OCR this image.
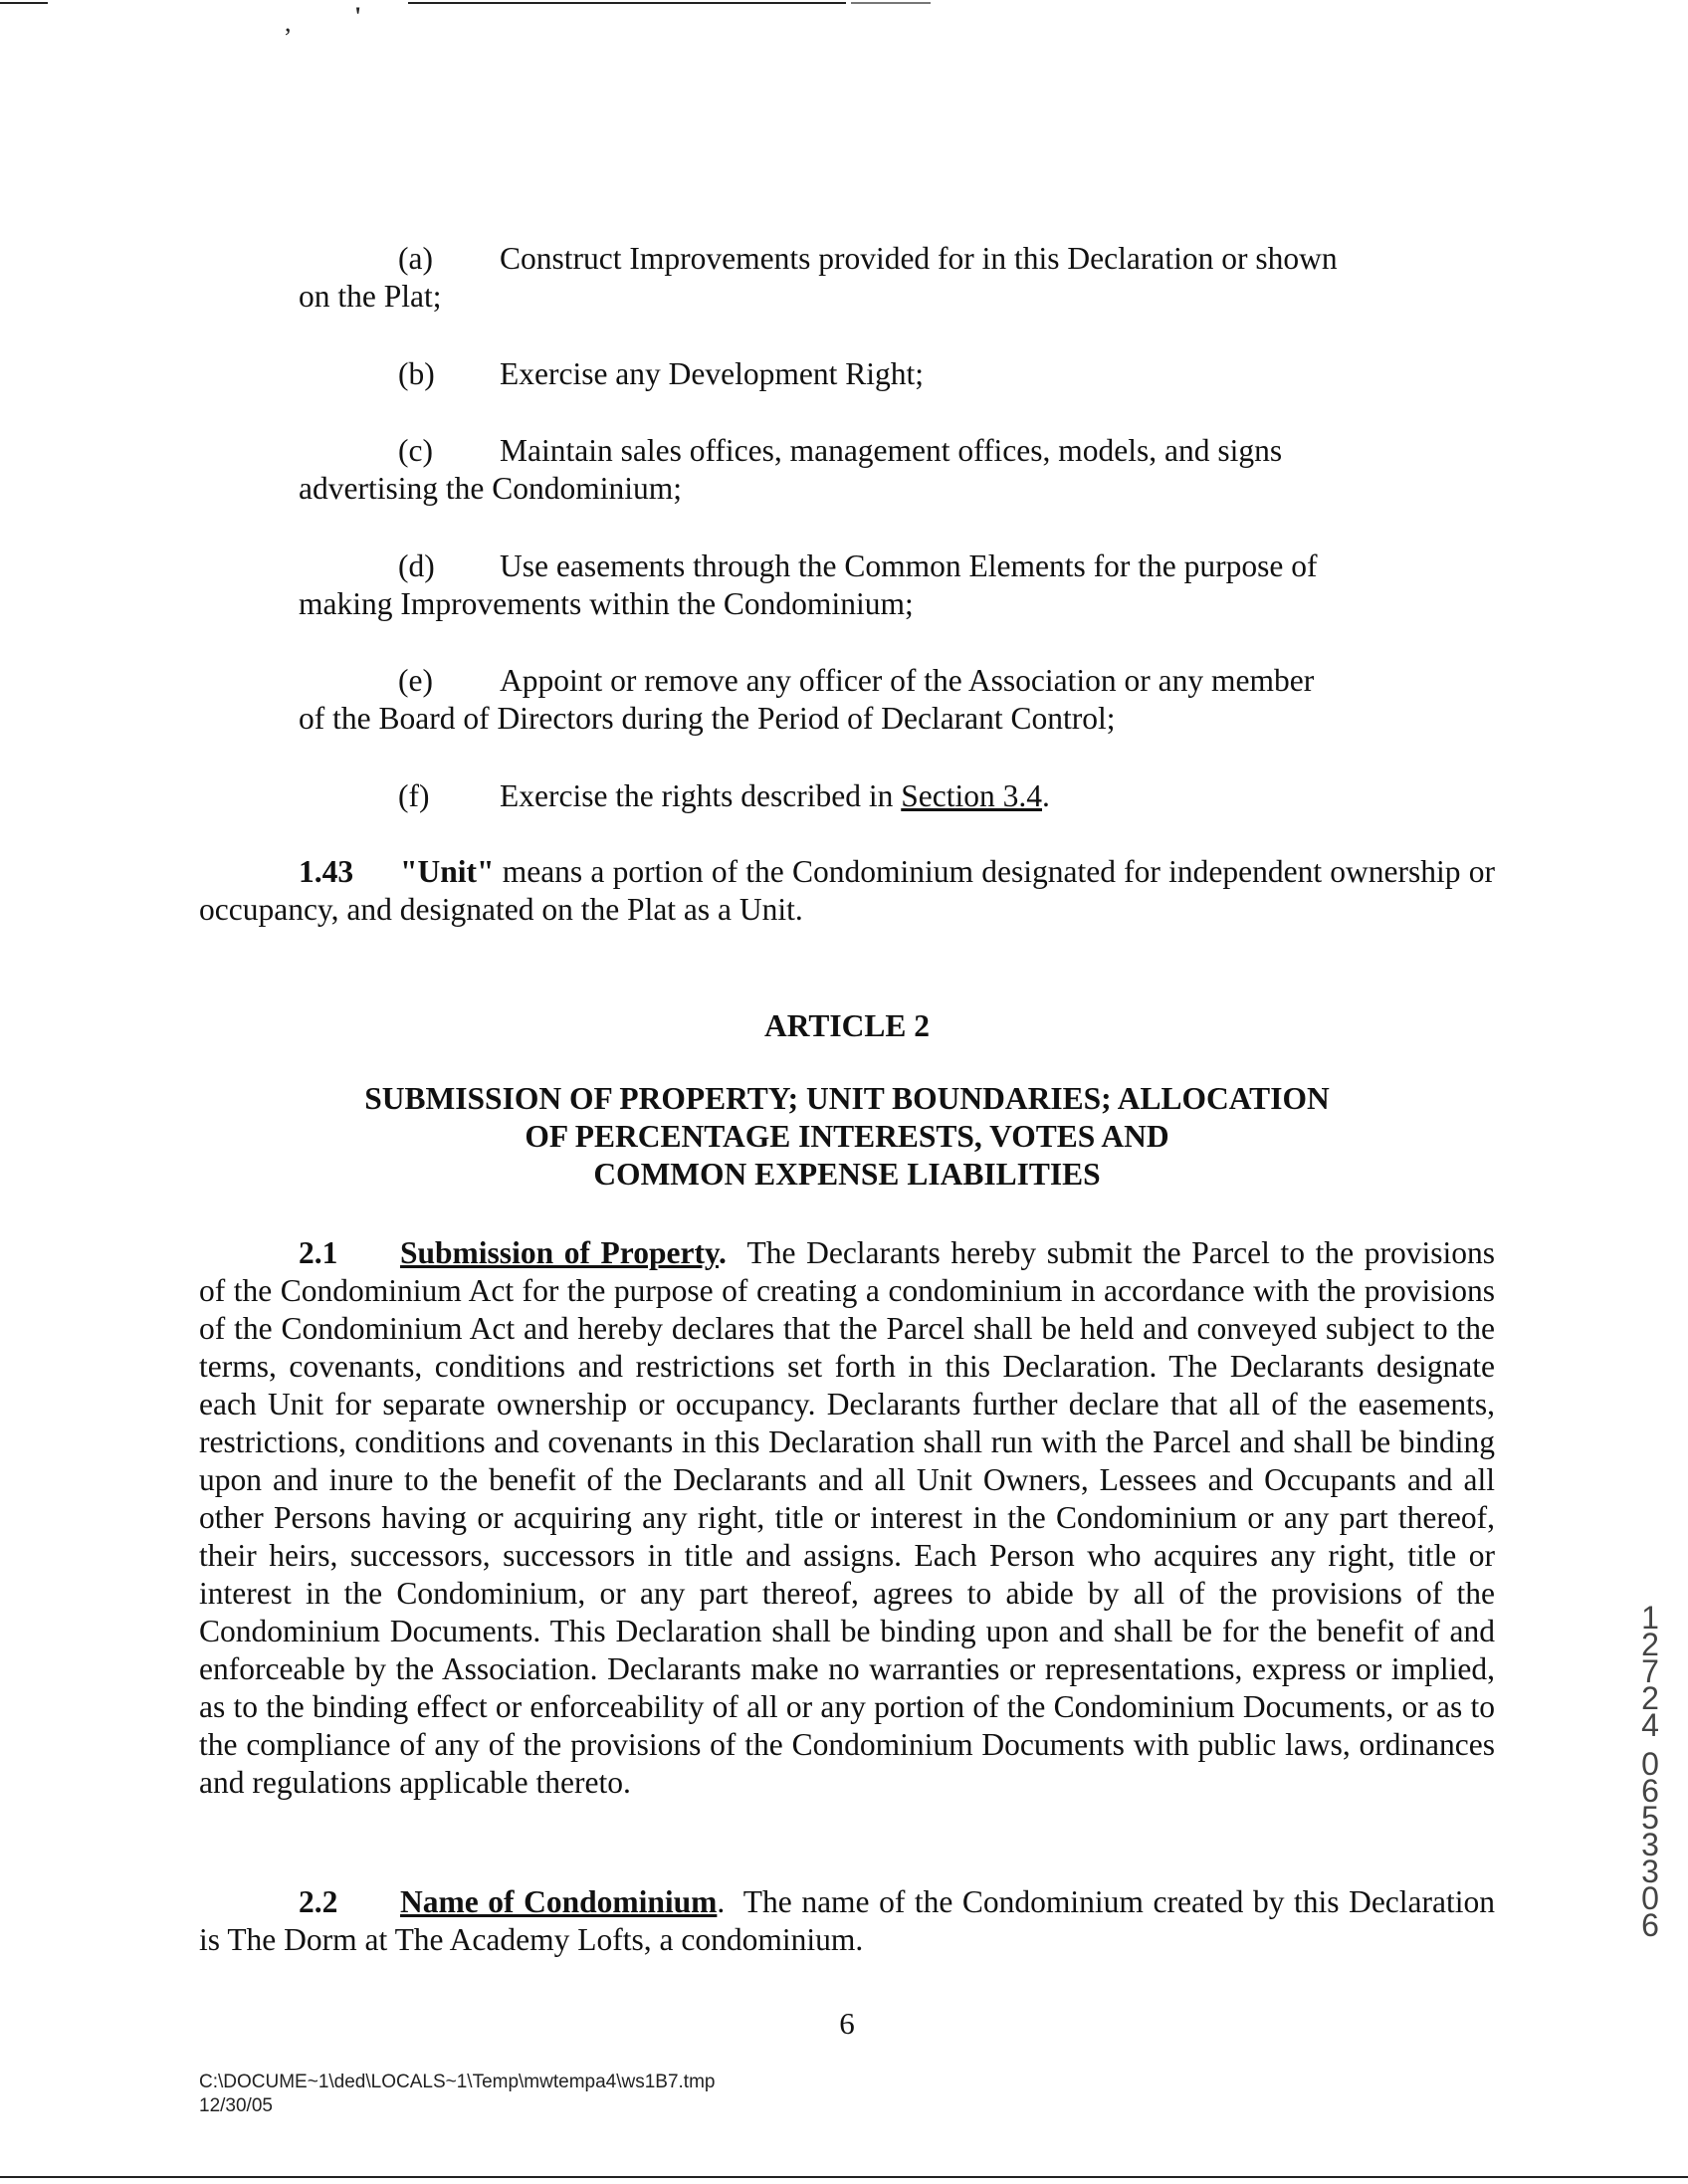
, '
(a) Construct Improvements provided for in this Declaration or shown
on the Plat;
(b) Exercise any Development Right;
(c) Maintain sales offices, management offices, models, and signs
advertising the Condominium;
(d) Use easements through the Common Elements for the purpose of
making Improvements within the Condominium;
(e) Appoint or remove any officer of the Association or any member
of the Board of Directors during the Period of Declarant Control;
(f) Exercise the rights described in Section 3.4.
1.43 "Unit" means a portion of the Condominium designated for independent ownership or occupancy, and designated on the Plat as a Unit.
ARTICLE 2
SUBMISSION OF PROPERTY; UNIT BOUNDARIES; ALLOCATION
OF PERCENTAGE INTERESTS, VOTES AND
COMMON EXPENSE LIABILITIES
2.1 Submission of Property. The Declarants hereby submit the Parcel to the provisions of the Condominium Act for the purpose of creating a condominium in accordance with the provisions of the Condominium Act and hereby declares that the Parcel shall be held and conveyed subject to the terms, covenants, conditions and restrictions set forth in this Declaration. The Declarants designate each Unit for separate ownership or occupancy. Declarants further declare that all of the easements, restrictions, conditions and covenants in this Declaration shall run with the Parcel and shall be binding upon and inure to the benefit of the Declarants and all Unit Owners, Lessees and Occupants and all other Persons having or acquiring any right, title or interest in the Condominium or any part thereof, their heirs, successors, successors in title and assigns. Each Person who acquires any right, title or interest in the Condominium, or any part thereof, agrees to abide by all of the provisions of the Condominium Documents. This Declaration shall be binding upon and shall be for the benefit of and enforceable by the Association. Declarants make no warranties or representations, express or implied, as to the binding effect or enforceability of all or any portion of the Condominium Documents, or as to the compliance of any of the provisions of the Condominium Documents with public laws, ordinances and regulations applicable thereto.
2.2 Name of Condominium.  The name of the Condominium created by this Declaration is The Dorm at The Academy Lofts, a condominium.
6
C:\DOCUME~1\ded\LOCALS~1\Temp\mwtempa4\ws1B7.tmp
12/30/05
1
2
7
2
4
0
6
5
3
3
0
6
